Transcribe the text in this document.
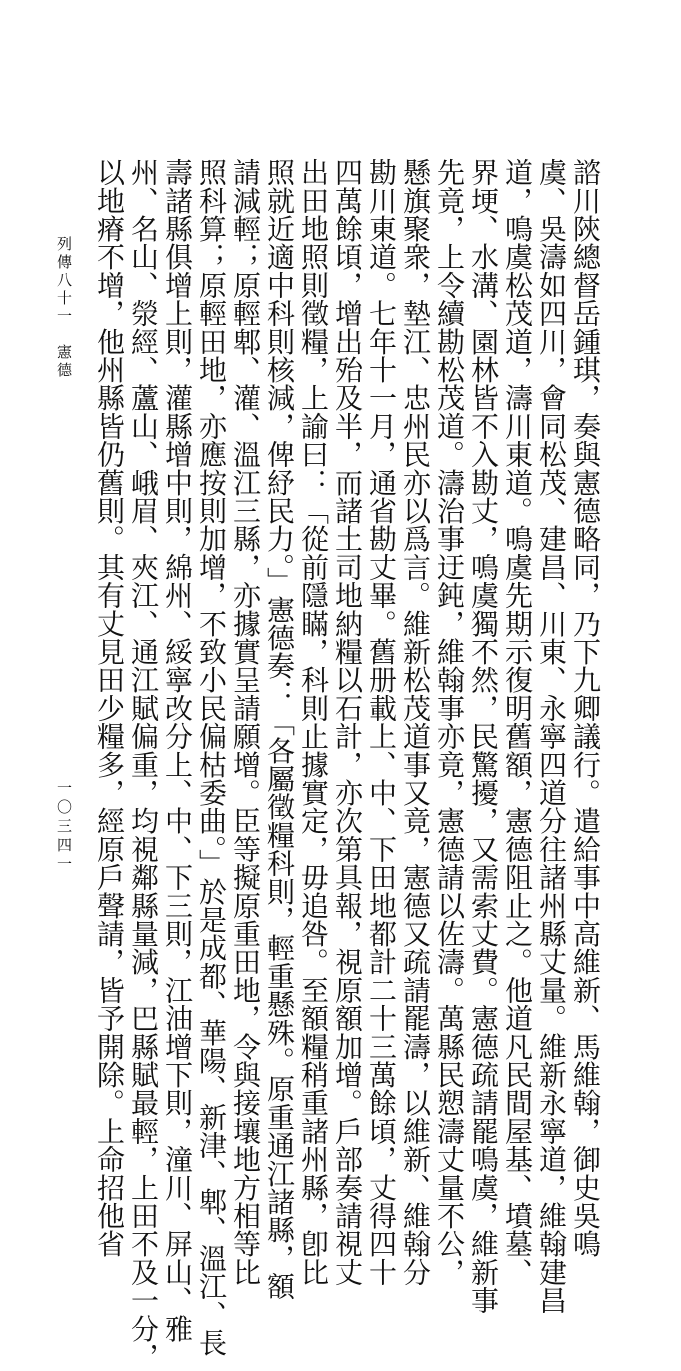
諮川陝總督岳鍾琪，奏與憲德略同，乃下九卿議行。遣給事中高維新、馬維翰，御史吳鳴
虞、吳濤如四川，會同松茂、建昌、川東、永寧四道分往諸州縣丈量。維新永寧道，維翰建昌
道，鳴虞松茂道，濤川東道。鳴虞先期示復明舊額，憲德阻止之。他道凡民間屋基、墳墓、
界埂、水溝、園林皆不入勘丈，鳴虞獨不然，民驚擾，又需索丈費。憲德疏請罷鳴虞，維新事
先竟，上令續勘松茂道。濤治事迂鈍，維翰事亦竟，憲德請以佐濤。萬縣民愬濤丈量不公，
懸旗聚衆，墊江、忠州民亦以爲言。維新松茂道事又竟，憲德又疏請罷濤，以維新、維翰分
勘川東道。七年十一月，通省勘丈畢。舊册載上、中、下田地都計二十三萬餘頃，丈得四十
四萬餘頃，增出殆及半，而諸土司地納糧以石計，亦次第具報，視原額加增。戶部奏請視丈
出田地照則徵糧，上諭曰：「從前隱瞞，科則止據實定，毋追咎。至額糧稍重諸州縣，卽比
照就近適中科則核減，俾紓民力。」憲德奏：「各屬徵糧科則，輕重懸殊。原重通江諸縣，額
請減輕；原輕郫、灌、溫江三縣，亦據實呈請願增。臣等擬原重田地，令與接壤地方相等比
照科算；原輕田地，亦應按則加增，不致小民偏枯委曲。」於是成都、華陽、新津、郫、溫江、長
壽諸縣俱增上則，灌縣增中則，綿州、綏寧改分上、中、下三則，江油增下則，潼川、屏山、雅
州、名山、滎經、蘆山、峨眉、夾江、通江賦偏重，均視鄰縣量減，巴縣賦最輕，上田不及一分，
以地瘠不增，他州縣皆仍舊則。其有丈見田少糧多，經原戶聲請，皆予開除。上命招他省
列傳八十一　憲德
一〇三四一
